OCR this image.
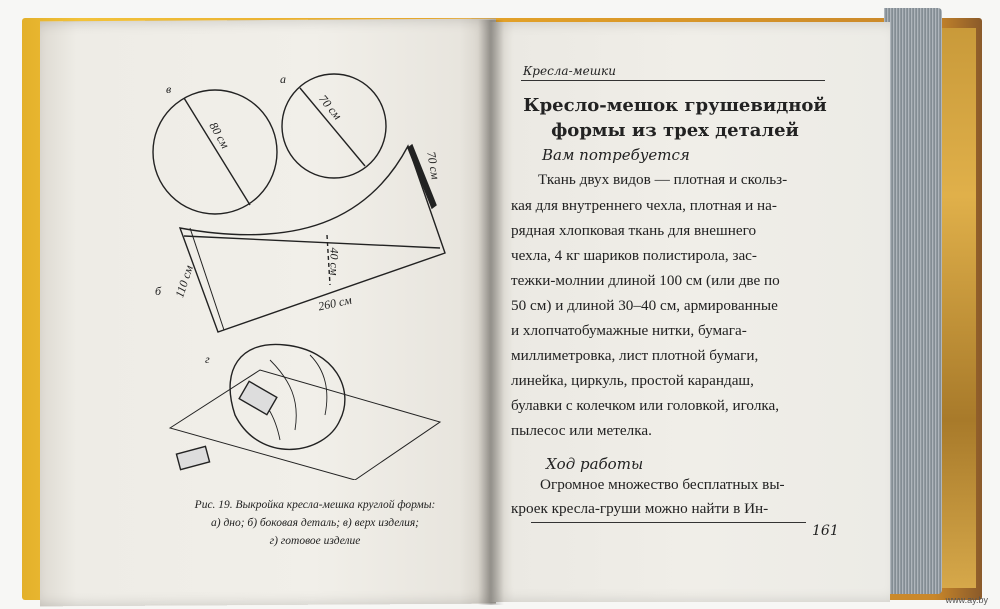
в
а
б
г
80 см
70 см
70 см
110 см
40 см
260 см
Рис. 19. Выкройка кресла-мешка круглой формы:
а) дно; б) боковая деталь; в) верх изделия;
г) готовое изделие
Кресла-мешки
Кресло-мешок грушевидной
формы из трех деталей
Вам потребуется
Ткань двух видов — плотная и скольз-
кая для внутреннего чехла, плотная и на-
рядная хлопковая ткань для внешнего
чехла, 4 кг шариков полистирола, зас-
тежки-молнии длиной 100 см (или две по
50 см) и длиной 30–40 см, армированные
и хлопчатобумажные нитки, бумага-
миллиметровка, лист плотной бумаги,
линейка, циркуль, простой карандаш,
булавки с колечком или головкой, иголка,
пылесос или метелка.
Ход работы
Огромное множество бесплатных вы-
кроек кресла-груши можно найти в Ин-
161
www.ay.by
